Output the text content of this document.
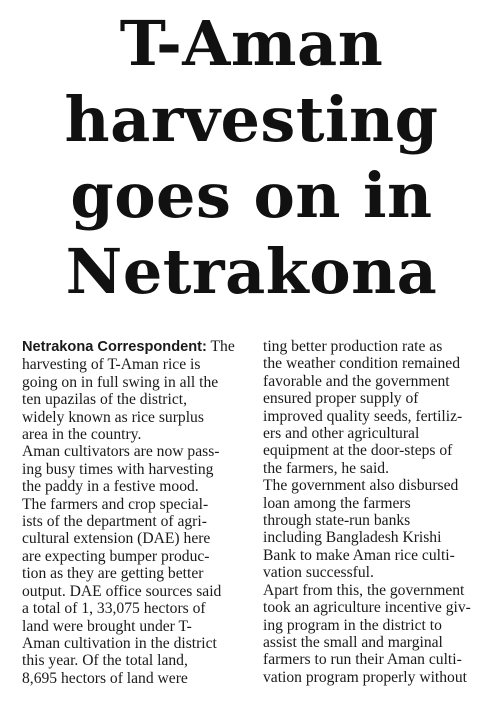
T-Aman
harvesting
goes on in
Netrakona
Netrakona Correspondent: The
harvesting of T-Aman rice is
going on in full swing in all the
ten upazilas of the district,
widely known as rice surplus
area in the country.
Aman cultivators are now pass-
ing busy times with harvesting
the paddy in a festive mood.
The farmers and crop special-
ists of the department of agri-
cultural extension (DAE) here
are expecting bumper produc-
tion as they are getting better
output. DAE office sources said
a total of 1, 33,075 hectors of
land were brought under T-
Aman cultivation in the district
this year. Of the total land,
8,695 hectors of land were
ting better production rate as
the weather condition remained
favorable and the government
ensured proper supply of
improved quality seeds, fertiliz-
ers and other agricultural
equipment at the door-steps of
the farmers, he said.
The government also disbursed
loan among the farmers
through state-run banks
including Bangladesh Krishi
Bank to make Aman rice culti-
vation successful.
Apart from this, the government
took an agriculture incentive giv-
ing program in the district to
assist the small and marginal
farmers to run their Aman culti-
vation program properly without
